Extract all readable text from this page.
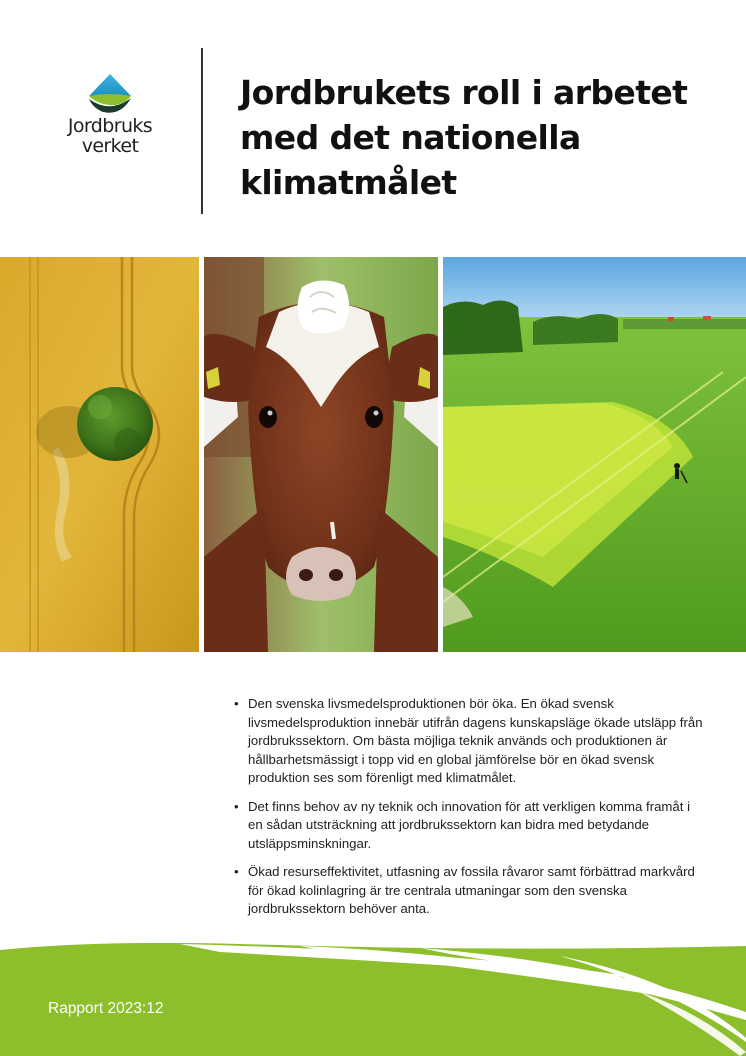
Jordbruks
verket
Jordbrukets roll i arbetet
med det nationella
klimatmålet
• Den svenska livsmedelsproduktionen bör öka. En ökad svensk livsmedelsproduktion innebär utifrån dagens kunskapsläge ökade utsläpp från jordbrukssektorn. Om bästa möjliga teknik används och produktionen är hållbarhetsmässigt i topp vid en global jämförelse bör en ökad svensk produktion ses som förenligt med klimatmålet.
• Det finns behov av ny teknik och innovation för att verkligen komma framåt i en sådan utsträckning att jordbrukssektorn kan bidra med betydande utsläppsminskningar.
• Ökad resurseffektivitet, utfasning av fossila råvaror samt förbättrad markvård för ökad kolinlagring är tre centrala utmaningar som den svenska jordbrukssektorn behöver anta.
Rapport 2023:12
